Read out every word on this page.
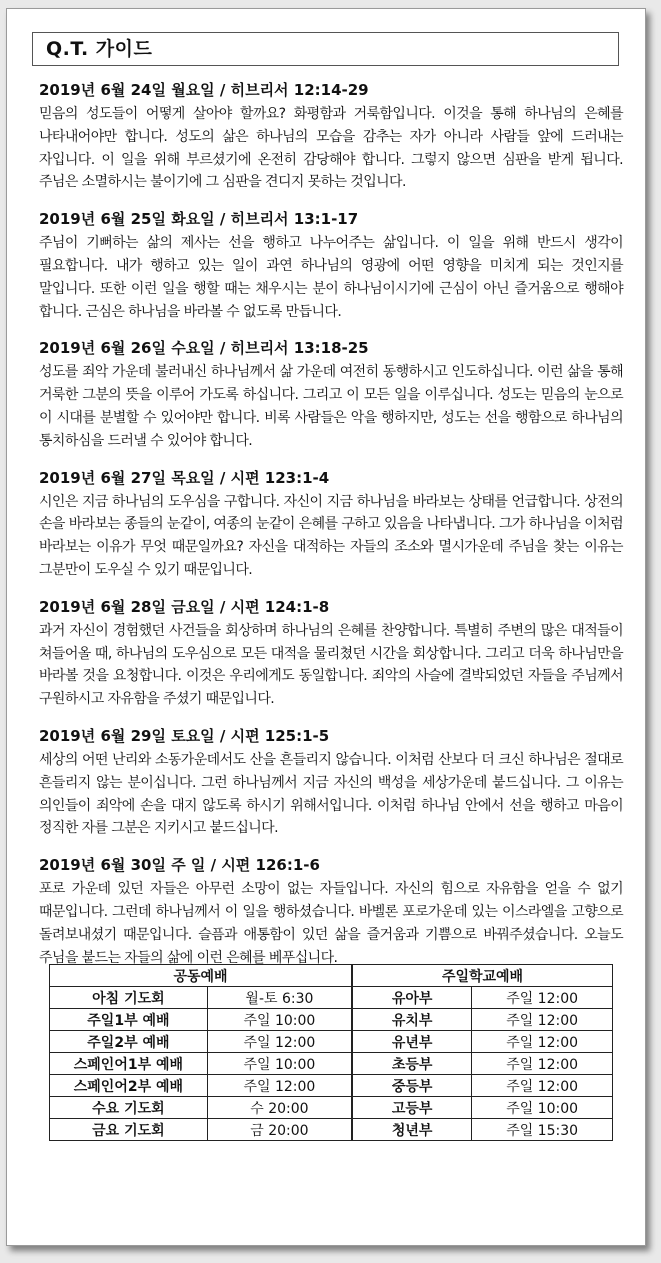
Q.T. 가이드
2019년 6월 24일 월요일 / 히브리서 12:14-29
믿음의 성도들이 어떻게 살아야 할까요? 화평함과 거룩함입니다. 이것을 통해 하나님의 은혜를 나타내어야만 합니다. 성도의 삶은 하나님의 모습을 감추는 자가 아니라 사람들 앞에 드러내는 자입니다. 이 일을 위해 부르셨기에 온전히 감당해야 합니다. 그렇지 않으면 심판을 받게 됩니다. 주님은 소멸하시는 불이기에 그 심판을 견디지 못하는 것입니다.
2019년 6월 25일 화요일 / 히브리서 13:1-17
주님이 기뻐하는 삶의 제사는 선을 행하고 나누어주는 삶입니다. 이 일을 위해 반드시 생각이 필요합니다. 내가 행하고 있는 일이 과연 하나님의 영광에 어떤 영향을 미치게 되는 것인지를 말입니다. 또한 이런 일을 행할 때는 채우시는 분이 하나님이시기에 근심이 아닌 즐거움으로 행해야 합니다. 근심은 하나님을 바라볼 수 없도록 만듭니다.
2019년 6월 26일 수요일 / 히브리서 13:18-25
성도를 죄악 가운데 불러내신 하나님께서 삶 가운데 여전히 동행하시고 인도하십니다. 이런 삶을 통해 거룩한 그분의 뜻을 이루어 가도록 하십니다. 그리고 이 모든 일을 이루십니다. 성도는 믿음의 눈으로 이 시대를 분별할 수 있어야만 합니다. 비록 사람들은 악을 행하지만, 성도는 선을 행함으로 하나님의 통치하심을 드러낼 수 있어야 합니다.
2019년 6월 27일 목요일 / 시편 123:1-4
시인은 지금 하나님의 도우심을 구합니다. 자신이 지금 하나님을 바라보는 상태를 언급합니다. 상전의 손을 바라보는 종들의 눈같이, 여종의 눈같이 은혜를 구하고 있음을 나타냅니다. 그가 하나님을 이처럼 바라보는 이유가 무엇 때문일까요? 자신을 대적하는 자들의 조소와 멸시가운데 주님을 찾는 이유는 그분만이 도우실 수 있기 때문입니다.
2019년 6월 28일 금요일 / 시편 124:1-8
과거 자신이 경험했던 사건들을 회상하며 하나님의 은혜를 찬양합니다. 특별히 주변의 많은 대적들이 쳐들어올 때, 하나님의 도우심으로 모든 대적을 물리쳤던 시간을 회상합니다. 그리고 더욱 하나님만을 바라볼 것을 요청합니다. 이것은 우리에게도 동일합니다. 죄악의 사슬에 결박되었던 자들을 주님께서 구원하시고 자유함을 주셨기 때문입니다.
2019년 6월 29일 토요일 / 시편 125:1-5
세상의 어떤 난리와 소동가운데서도 산을 흔들리지 않습니다. 이처럼 산보다 더 크신 하나님은 절대로 흔들리지 않는 분이십니다. 그런 하나님께서 지금 자신의 백성을 세상가운데 붙드십니다. 그 이유는 의인들이 죄악에 손을 대지 않도록 하시기 위해서입니다. 이처럼 하나님 안에서 선을 행하고 마음이 정직한 자를 그분은 지키시고 붙드십니다.
2019년 6월 30일 주 일 / 시편 126:1-6
포로 가운데 있던 자들은 아무런 소망이 없는 자들입니다. 자신의 힘으로 자유함을 얻을 수 없기 때문입니다. 그런데 하나님께서 이 일을 행하셨습니다. 바벨론 포로가운데 있는 이스라엘을 고향으로 돌려보내셨기 때문입니다. 슬픔과 애통함이 있던 삶을 즐거움과 기쁨으로 바꿔주셨습니다. 오늘도 주님을 붙드는 자들의 삶에 이런 은혜를 베푸십니다.
공동예배		주일학교예배	
아침 기도회	월-토 6:30	유아부	주일 12:00
주일1부 예배	주일 10:00	유치부	주일 12:00
주일2부 예배	주일 12:00	유년부	주일 12:00
스페인어1부 예배	주일 10:00	초등부	주일 12:00
스페인어2부 예배	주일 12:00	중등부	주일 12:00
수요 기도회	수 20:00	고등부	주일 10:00
금요 기도회	금 20:00	청년부	주일 15:30
